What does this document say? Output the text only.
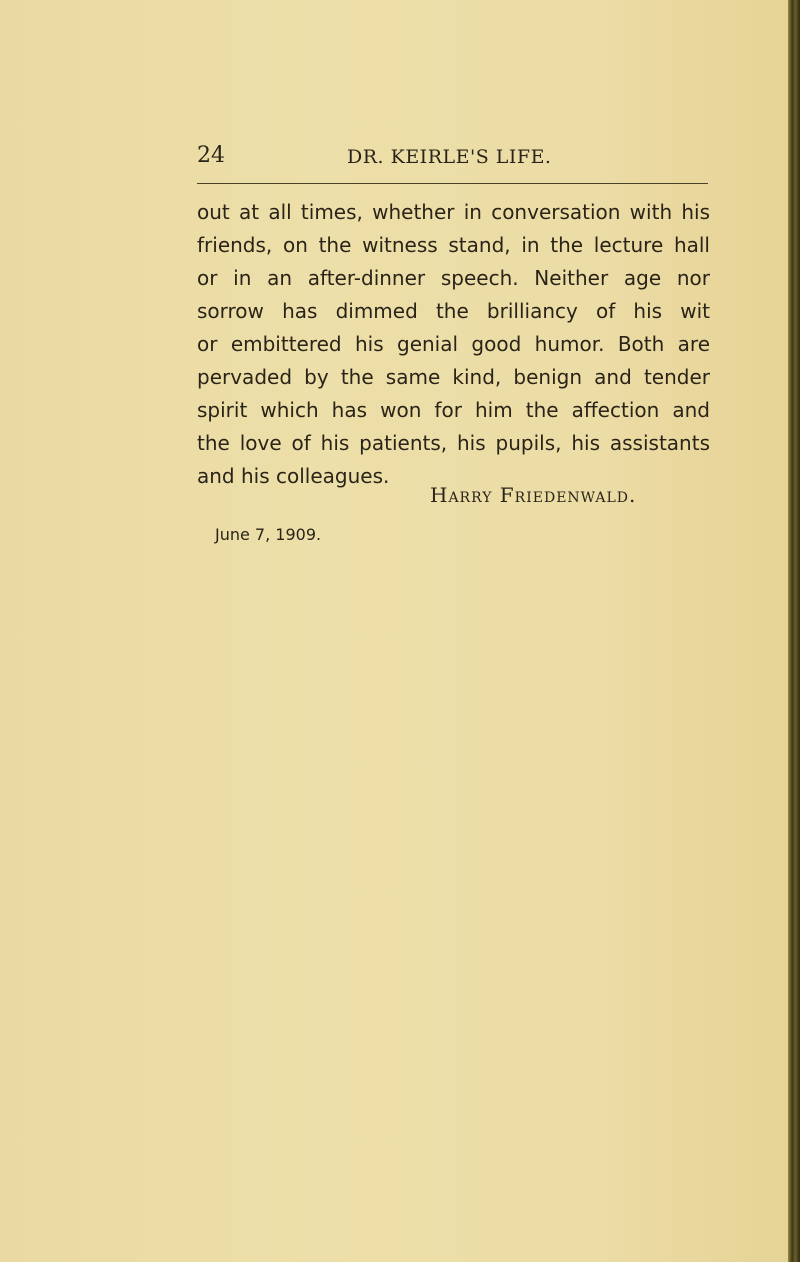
24	DR. KEIRLE'S LIFE.
out at all times, whether in conversation with his
friends, on the witness stand, in the lecture hall
or in an after-dinner speech. Neither age nor
sorrow has dimmed the brilliancy of his wit
or embittered his genial good humor. Both are
pervaded by the same kind, benign and tender
spirit which has won for him the affection and
the love of his patients, his pupils, his assistants
and his colleagues.
Harry Friedenwald.
June 7, 1909.
